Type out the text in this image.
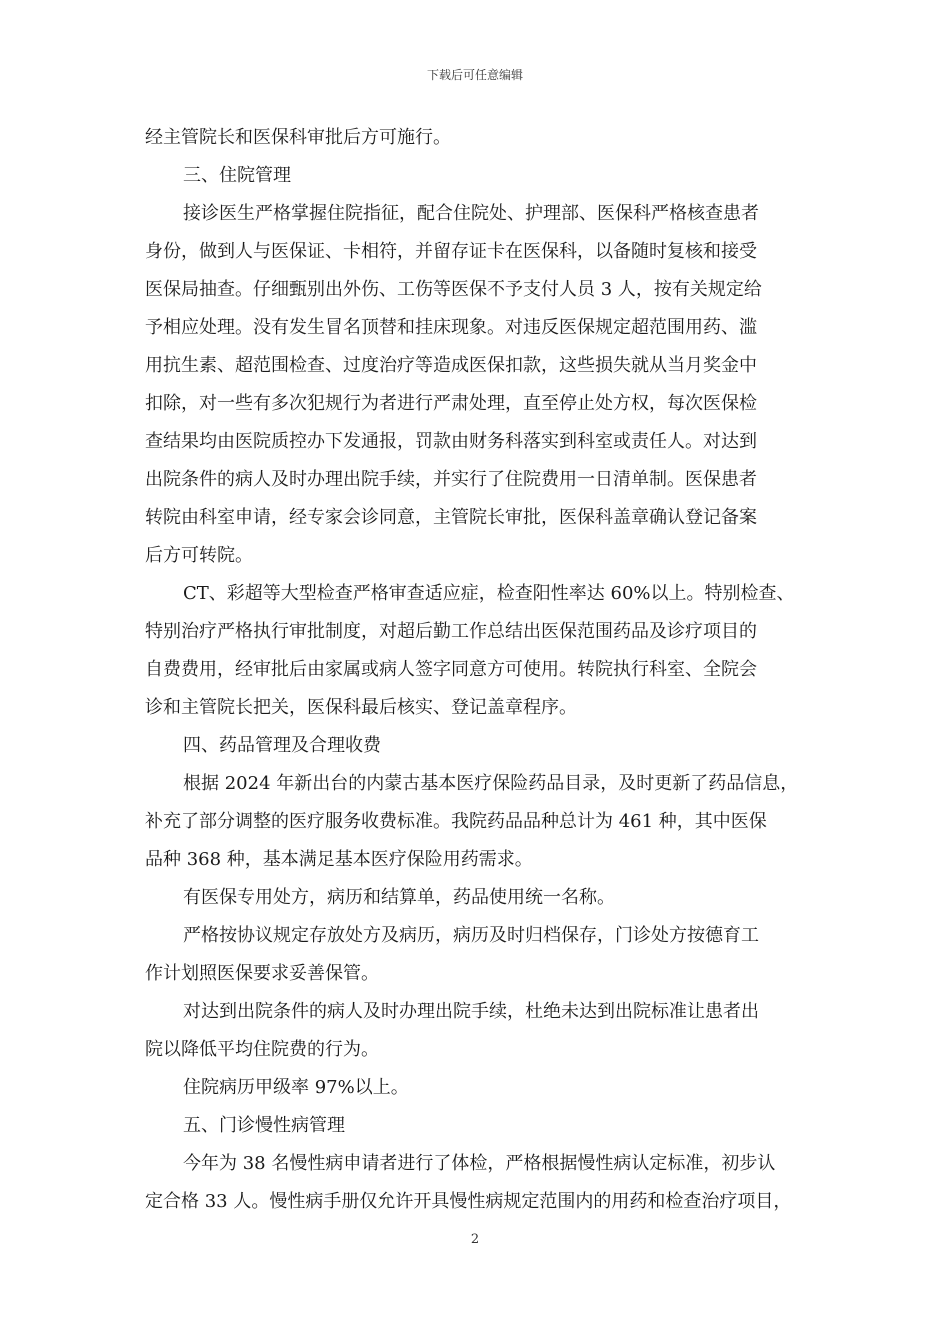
下载后可任意编辑
经主管院长和医保科审批后方可施行。
三、住院管理
接诊医生严格掌握住院指征，配合住院处、护理部、医保科严格核查患者
身份，做到人与医保证、卡相符，并留存证卡在医保科，以备随时复核和接受
医保局抽查。仔细甄别出外伤、工伤等医保不予支付人员 3 人，按有关规定给
予相应处理。没有发生冒名顶替和挂床现象。对违反医保规定超范围用药、滥
用抗生素、超范围检查、过度治疗等造成医保扣款，这些损失就从当月奖金中
扣除，对一些有多次犯规行为者进行严肃处理，直至停止处方权，每次医保检
查结果均由医院质控办下发通报，罚款由财务科落实到科室或责任人。对达到
出院条件的病人及时办理出院手续，并实行了住院费用一日清单制。医保患者
转院由科室申请，经专家会诊同意，主管院长审批，医保科盖章确认登记备案
后方可转院。
CT、彩超等大型检查严格审查适应症，检查阳性率达 60%以上。特别检查、
特别治疗严格执行审批制度，对超后勤工作总结出医保范围药品及诊疗项目的
自费费用，经审批后由家属或病人签字同意方可使用。转院执行科室、全院会
诊和主管院长把关，医保科最后核实、登记盖章程序。
四、药品管理及合理收费
根据 2024 年新出台的内蒙古基本医疗保险药品目录，及时更新了药品信息，
补充了部分调整的医疗服务收费标准。我院药品品种总计为 461 种，其中医保
品种 368 种，基本满足基本医疗保险用药需求。
有医保专用处方，病历和结算单，药品使用统一名称。
严格按协议规定存放处方及病历，病历及时归档保存，门诊处方按德育工
作计划照医保要求妥善保管。
对达到出院条件的病人及时办理出院手续，杜绝未达到出院标准让患者出
院以降低平均住院费的行为。
住院病历甲级率 97%以上。
五、门诊慢性病管理
今年为 38 名慢性病申请者进行了体检，严格根据慢性病认定标准，初步认
定合格 33 人。慢性病手册仅允许开具慢性病规定范围内的用药和检查治疗项目，
2
